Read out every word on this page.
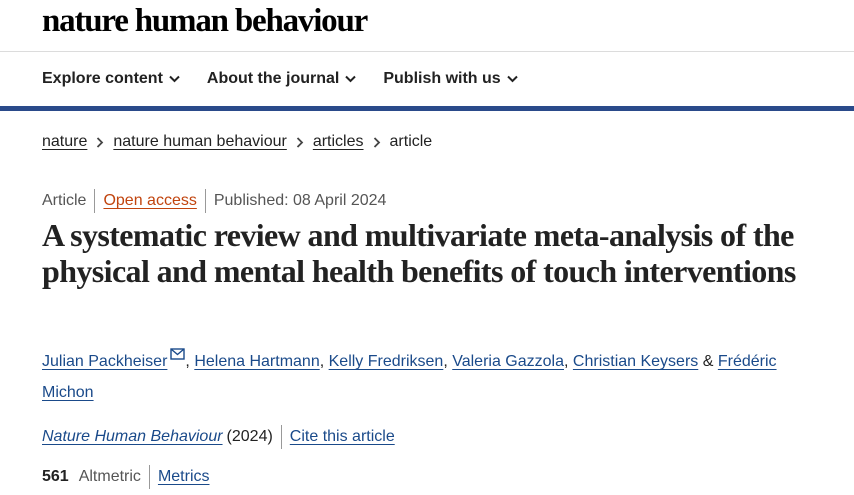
nature human behaviour
Explore content	About the journal	Publish with us
nature nature human behaviour articles article
Article Open access Published: 08 April 2024
A systematic review and multivariate meta-analysis of the physical and mental health benefits of touch interventions
Julian Packheiser , Helena Hartmann, Kelly Fredriksen, Valeria Gazzola, Christian Keysers & Frédéric Michon
Nature Human Behaviour (2024) Cite this article
561 Altmetric Metrics
